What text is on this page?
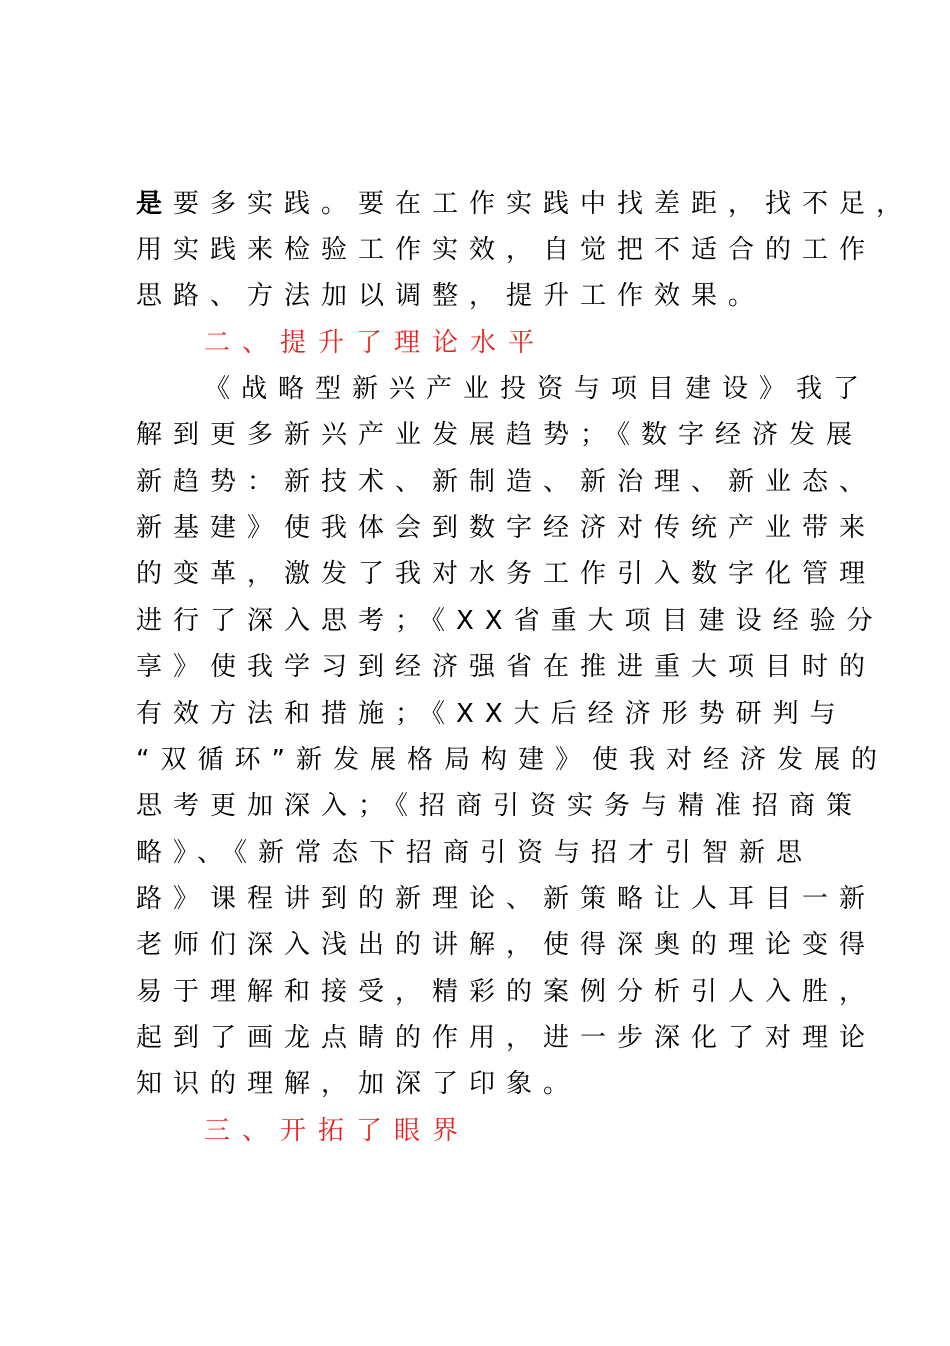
是要多实践。要在工作实践中找差距，找不足，
用实践来检验工作实效，自觉把不适合的工作
思路、方法加以调整，提升工作效果。
二、提升了理论水平
《战略型新兴产业投资与项目建设》我了
解到更多新兴产业发展趋势；《数字经济发展
新趋势：新技术、新制造、新治理、新业态、
新基建》使我体会到数字经济对传统产业带来
的变革，激发了我对水务工作引入数字化管理
进行了深入思考；《XX省重大项目建设经验分
享》使我学习到经济强省在推进重大项目时的
有效方法和措施；《XX大后经济形势研判与
“双循环”新发展格局构建》使我对经济发展的
思考更加深入；《招商引资实务与精准招商策
略》、《新常态下招商引资与招才引智新思
路》课程讲到的新理论、新策略让人耳目一新
老师们深入浅出的讲解，使得深奥的理论变得
易于理解和接受，精彩的案例分析引人入胜，
起到了画龙点睛的作用，进一步深化了对理论
知识的理解，加深了印象。
三、开拓了眼界
